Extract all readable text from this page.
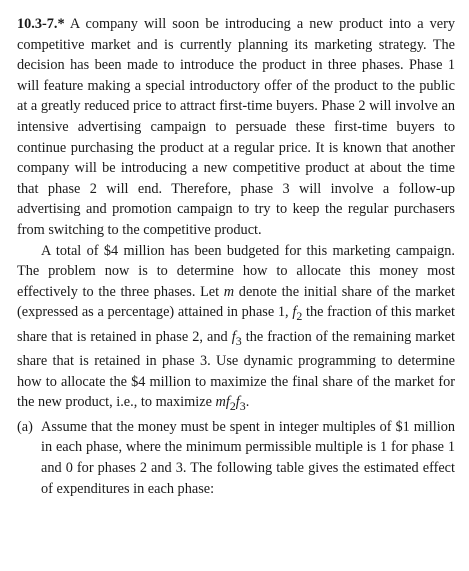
10.3-7.* A company will soon be introducing a new product into a very competitive market and is currently planning its marketing strategy. The decision has been made to introduce the product in three phases. Phase 1 will feature making a special introductory offer of the product to the public at a greatly reduced price to attract first-time buyers. Phase 2 will involve an intensive advertising campaign to persuade these first-time buyers to continue purchasing the product at a regular price. It is known that another company will be introducing a new competitive product at about the time that phase 2 will end. Therefore, phase 3 will involve a follow-up advertising and promotion campaign to try to keep the regular purchasers from switching to the competitive product.

A total of $4 million has been budgeted for this marketing campaign. The problem now is to determine how to allocate this money most effectively to the three phases. Let m denote the initial share of the market (expressed as a percentage) attained in phase 1, $f_2$ the fraction of this market share that is retained in phase 2, and $f_3$ the fraction of the remaining market share that is retained in phase 3. Use dynamic programming to determine how to allocate the $4 million to maximize the final share of the market for the new product, i.e., to maximize $mf_2f_3$.

(a) Assume that the money must be spent in integer multiples of $1 million in each phase, where the minimum permissible multiple is 1 for phase 1 and 0 for phases 2 and 3. The following table gives the estimated effect of expenditures in each phase:
